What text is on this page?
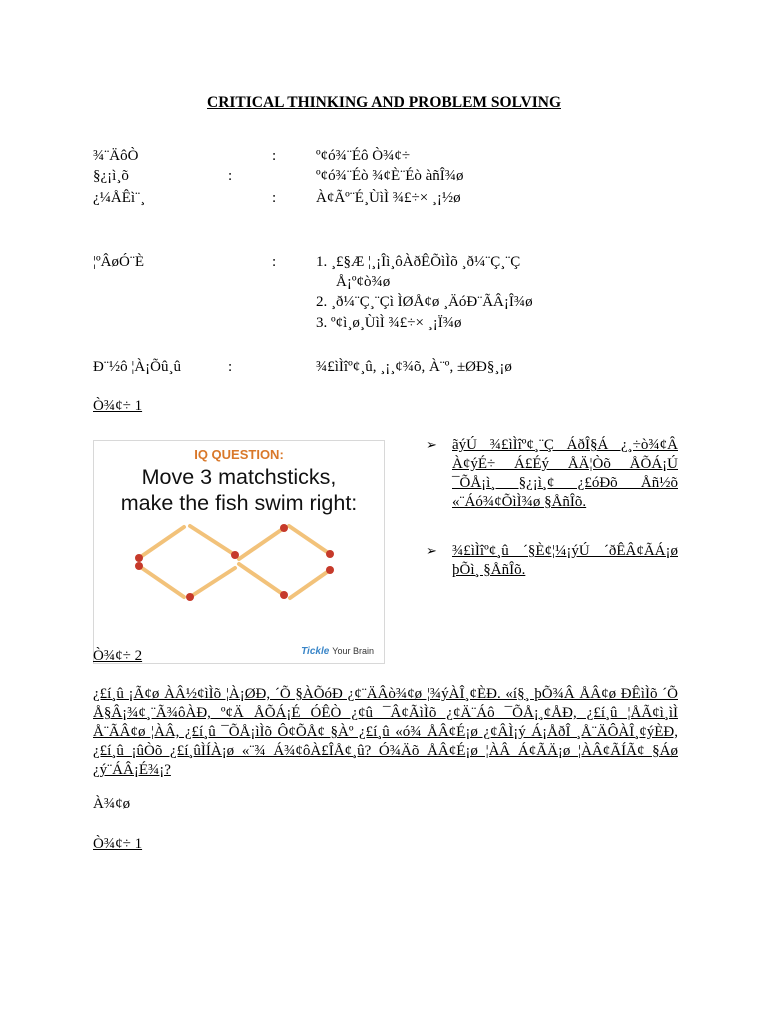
CRITICAL THINKING AND PROBLEM SOLVING
¾¨ÄôÒ	:	º¢ó¾¨Éô Ò¾¢÷
§¿¡ì¸õ	:	º¢ó¾¨Éò ¾¢È¨Éò àñÎ¾ø
¿¼ÅÊì¨¸	:	À¢Ãº¨É¸ÙìÌ ¾£÷× ¸¡½ø
¦ºÂøÓ¨È	:	1. ¸£§Æ ¦¸¡Îì¸ôÀðÊÕìÌõ ¸ð¼¨Ç¸¨Ç
Å¡º¢ò¾ø
2. ¸ð¼¨Ç¸¨Çì ÌØÅ¢ø ¸ÄóÐ¨ÃÂ¡Î¾ø
3. º¢ì¸ø¸ÙìÌ ¾£÷× ¸¡Ï¾ø
Ð¨½ô ¦À¡Õû¸û	:	¾£ìÌîº¢¸û, ¸¡¸¢¾õ, À¨º, ±ØÐ§¸¡ø
Ò¾¢÷ 1
IQ QUESTION:
Move 3 matchsticks,
make the fish swim right:
Tickle Your Brain
➢ ãýÚ ¾£ìÌîº¢¸¨Ç ÁðÎ§Á ¿¸÷ò¾¢Â À¢ýÉ÷ Á£Éý ÅÄ¦Òõ ÅÕÁ¡Ú ¯ÕÅ¡ì¸ §¿¡ì¸¢ ¿£óÐõ Åñ½õ «¨Áó¾¢ÕìÌ¾ø §ÅñÎõ.
➢ ¾£ìÌîº¢¸û ´§È¢¦¼¡ýÚ ´ðÊÂ¢ÃÁ¡ø þÕì¸ §ÅñÎõ.
Ò¾¢÷ 2
¿£í¸û ¡Ã¢ø ÀÂ½¢ìÌõ ¦À¡ØÐ, ´Õ §ÀÕóÐ ¿¢¨ÄÂò¾¢ø ¦¾ýÀÎ¸¢ÈÐ. «í§¸ þÕ¾Â ÅÂ¢ø ÐÊìÌõ ´Õ Å§Â¡¾¢¸¨Ã¾ôÀÐ, º¢Ä ÅÕÁ¡É ÓÊÒ ¿¢û ¯Â¢ÃìÌõ ¿¢Ä¨Áô ¯ÕÅ¡¸¢ÅÐ, ¿£í¸û ¦ÅÃ¢ì¸ìÌ Å¨ÃÂ¢ø ¦ÀÂ, ¿£í¸û ¯ÕÅ¡ìÌõ Ô¢ÕÅ¢ §Àº ¿£í¸û «ó¾ ÅÂ¢É¡ø ¿¢ÂÌ¡ý Á¡ÅðÎ ¸Å¨ÄÔÀÎ¸¢ýÈÐ, ¿£í¸û ¡ûÒõ ¿£í¸ûÌÍÀ¡ø «¨¾ Á¾¢ôÀ£ÎÅ¢¸û? Ó¾Äõ ÅÂ¢É¡ø ¦ÀÂ Á¢ÃÄ¡ø ¦ÀÂ¢ÃÍÃ¢ §Áø ¿ý¨ÁÂ¡É¾¡?
À¾¢ø
Ò¾¢÷ 1
